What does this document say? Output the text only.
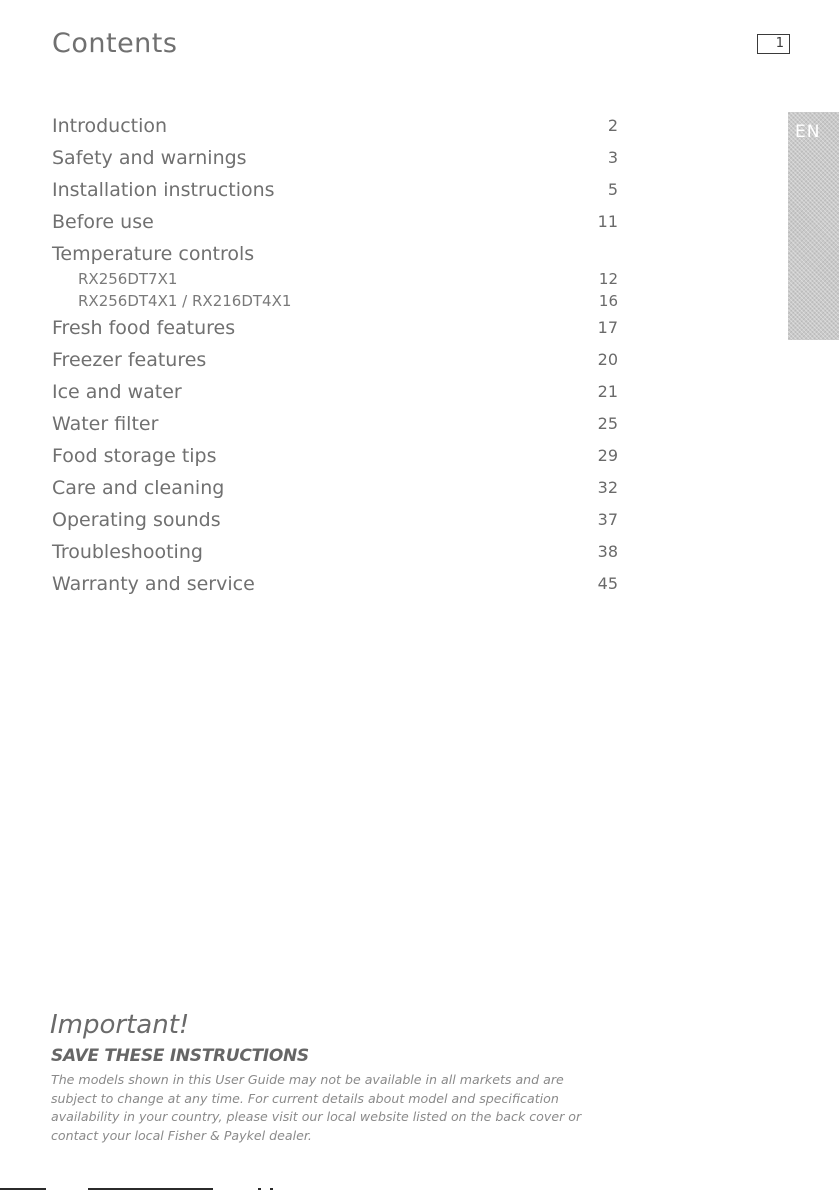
Contents	1
EN
Introduction	2
Safety and warnings	3
Installation instructions	5
Before use	11
Temperature controls
RX256DT7X1	12
RX256DT4X1 / RX216DT4X1	16
Fresh food features	17
Freezer features	20
Ice and water	21
Water filter	25
Food storage tips	29
Care and cleaning	32
Operating sounds	37
Troubleshooting	38
Warranty and service	45
Important!
SAVE THESE INSTRUCTIONS

The models shown in this User Guide may not be available in all markets and are subject to change at any time. For current details about model and specification availability in your country, please visit our local website listed on the back cover or contact your local Fisher & Paykel dealer.
